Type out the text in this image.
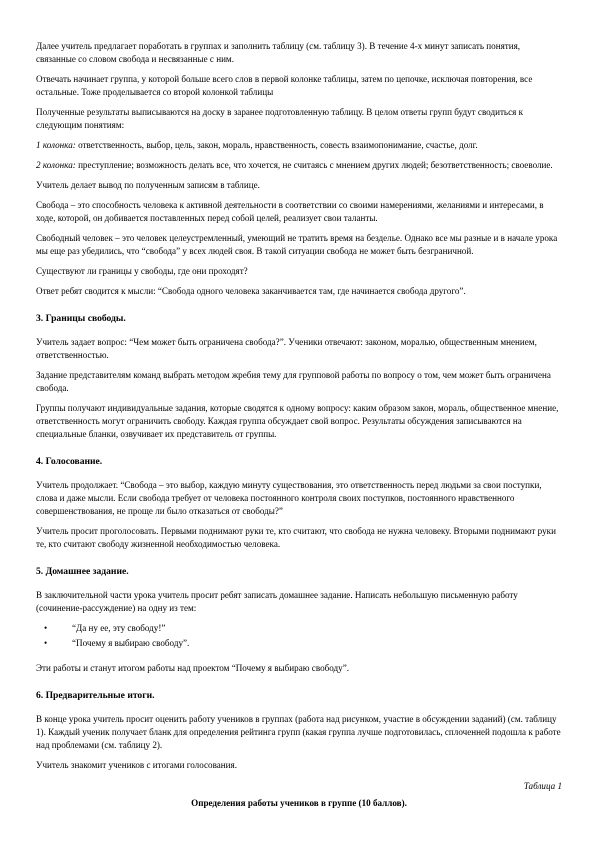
Далее учитель предлагает поработать в группах и заполнить таблицу (см. таблицу 3). В течение 4-х минут записать понятия, связанные со словом свобода и несвязанные с ним.

Отвечать начинает группа, у которой больше всего слов в первой колонке таблицы, затем по цепочке, исключая повторения, все остальные. Тоже проделывается со второй колонкой таблицы

Полученные результаты выписываются на доску в заранее подготовленную таблицу. В целом ответы групп будут сводиться к следующим понятиям:

1 колонка: ответственность, выбор, цель, закон, мораль, нравственность, совесть взаимопонимание, счастье, долг.

2 колонка: преступление; возможность делать все, что хочется, не считаясь с мнением других людей; безответственность; своеволие.

Учитель делает вывод по полученным записям в таблице.

Свобода – это способность человека к активной деятельности в соответствии со своими намерениями, желаниями и интересами, в ходе, которой, он добивается поставленных перед собой целей, реализует свои таланты.

Свободный человек – это человек целеустремленный, умеющий не тратить время на безделье. Однако все мы разные и в начале урока мы еще раз убедились, что “свобода” у всех людей своя. В такой ситуации свобода не может быть безграничной.

Существуют ли границы у свободы, где они проходят?

Ответ ребят сводится к мысли: “Свобода одного человека заканчивается там, где начинается свобода другого”.

3. Границы свободы.

Учитель задает вопрос: “Чем может быть ограничена свобода?”. Ученики отвечают: законом, моралью, общественным мнением, ответственностью.

Задание представителям команд выбрать методом жребия тему для групповой работы по вопросу о том, чем может быть ограничена свобода.

Группы получают индивидуальные задания, которые сводятся к одному вопросу: каким образом закон, мораль, общественное мнение, ответственность могут ограничить свободу. Каждая группа обсуждает свой вопрос. Результаты обсуждения записываются на специальные бланки, озвучивает их представитель от группы.

4. Голосование.

Учитель продолжает. “Свобода – это выбор, каждую минуту существования, это ответственность перед людьми за свои поступки, слова и даже мысли. Если свобода требует от человека постоянного контроля своих поступков, постоянного нравственного совершенствования, не проще ли было отказаться от свободы?”

Учитель просит проголосовать. Первыми поднимают руки те, кто считают, что свобода не нужна человеку. Вторыми поднимают руки те, кто считают свободу жизненной необходимостью человека.

5. Домашнее задание.

В заключительной части урока учитель просит ребят записать домашнее задание. Написать небольшую письменную работу (сочинение-рассуждение) на одну из тем:

•	“Да ну ее, эту свободу!”
•	“Почему я выбираю свободу”.

Эти работы и станут итогом работы над проектом “Почему я выбираю свободу”.

6. Предварительные итоги.

В конце урока учитель просит оценить работу учеников в группах (работа над рисунком, участие в обсуждении заданий) (см. таблицу 1). Каждый ученик получает бланк для определения рейтинга групп (какая группа лучше подготовилась, сплоченней подошла к работе над проблемами (см. таблицу 2).

Учитель знакомит учеников с итогами голосования.

Таблица 1

Определения работы учеников в группе (10 баллов).
